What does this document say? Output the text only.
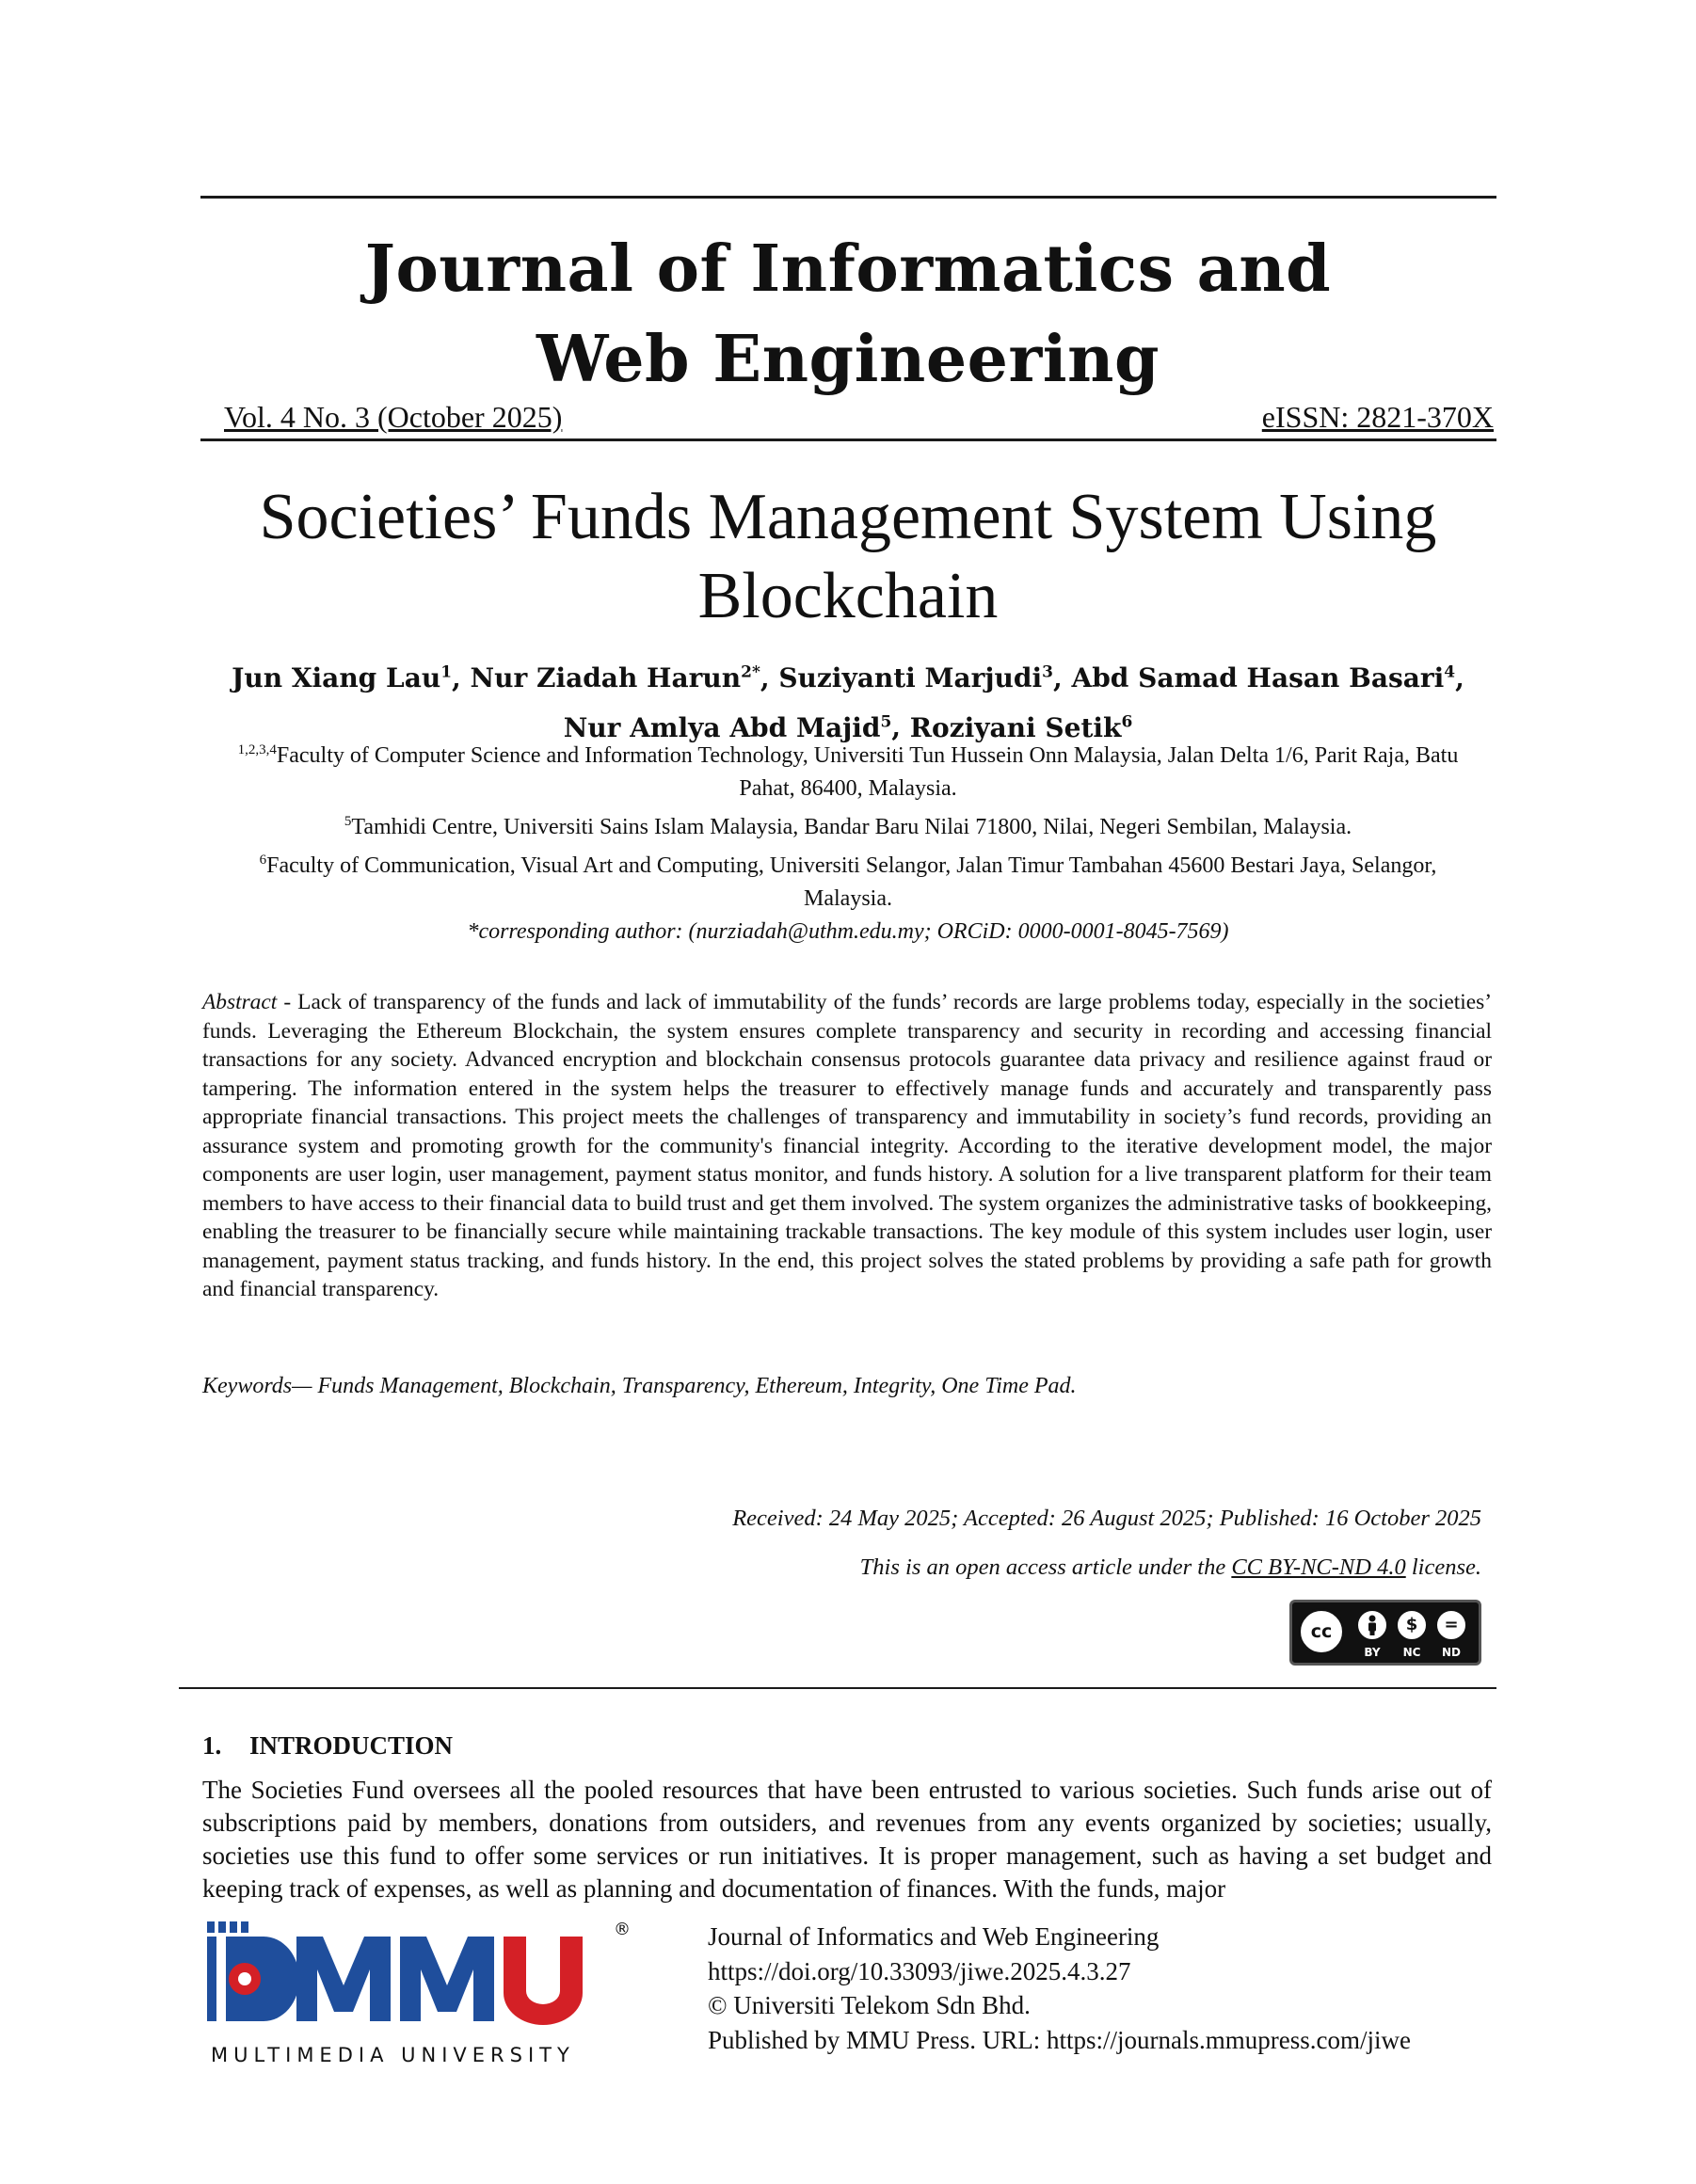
Journal of Informatics and
Web Engineering
Vol. 4 No. 3 (October 2025)	eISSN: 2821-370X
Societies’ Funds Management System Using
Blockchain
Jun Xiang Lau$^1$, Nur Ziadah Harun$^{2*}$, Suziyanti Marjudi$^3$, Abd Samad Hasan Basari$^4$,
Nur Amlya Abd Majid$^5$, Roziyani Setik$^6$
$^{1,2,3,4}$Faculty of Computer Science and Information Technology, Universiti Tun Hussein Onn Malaysia, Jalan Delta 1/6, Parit Raja, Batu Pahat, 86400, Malaysia.
$^5$Tamhidi Centre, Universiti Sains Islam Malaysia, Bandar Baru Nilai 71800, Nilai, Negeri Sembilan, Malaysia.
$^6$Faculty of Communication, Visual Art and Computing, Universiti Selangor, Jalan Timur Tambahan 45600 Bestari Jaya, Selangor, Malaysia.
*corresponding author: (nurziadah@uthm.edu.my; ORCiD: 0000-0001-8045-7569)
Abstract - Lack of transparency of the funds and lack of immutability of the funds’ records are large problems today, especially in the societies’ funds. Leveraging the Ethereum Blockchain, the system ensures complete transparency and security in recording and accessing financial transactions for any society. Advanced encryption and blockchain consensus protocols guarantee data privacy and resilience against fraud or tampering. The information entered in the system helps the treasurer to effectively manage funds and accurately and transparently pass appropriate financial transactions. This project meets the challenges of transparency and immutability in society’s fund records, providing an assurance system and promoting growth for the community's financial integrity. According to the iterative development model, the major components are user login, user management, payment status monitor, and funds history. A solution for a live transparent platform for their team members to have access to their financial data to build trust and get them involved. The system organizes the administrative tasks of bookkeeping, enabling the treasurer to be financially secure while maintaining trackable transactions. The key module of this system includes user login, user management, payment status tracking, and funds history. In the end, this project solves the stated problems by providing a safe path for growth and financial transparency.
Keywords— Funds Management, Blockchain, Transparency, Ethereum, Integrity, One Time Pad.
Received: 24 May 2025; Accepted: 26 August 2025; Published: 16 October 2025
This is an open access article under the CC BY-NC-ND 4.0 license.
cc	$	=
BY	NC	ND
1. INTRODUCTION
The Societies Fund oversees all the pooled resources that have been entrusted to various societies. Such funds arise out of subscriptions paid by members, donations from outsiders, and revenues from any events organized by societies; usually, societies use this fund to offer some services or run initiatives. It is proper management, such as having a set budget and keeping track of expenses, as well as planning and documentation of finances. With the funds, major
®
MULTIMEDIA UNIVERSITY
Journal of Informatics and Web Engineering
https://doi.org/10.33093/jiwe.2025.4.3.27
© Universiti Telekom Sdn Bhd.
Published by MMU Press. URL: https://journals.mmupress.com/jiwe
